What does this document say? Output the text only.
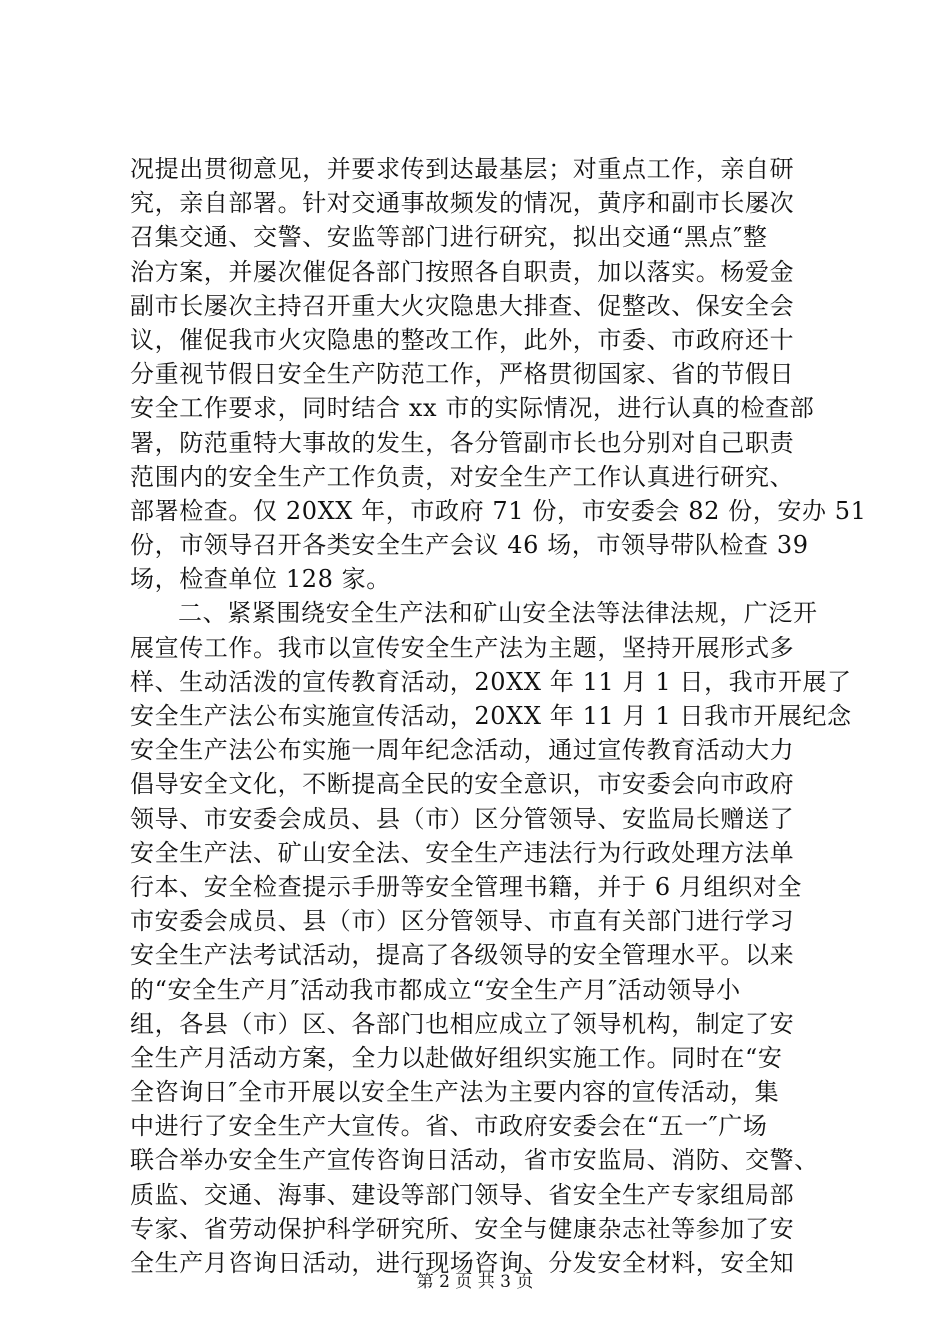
况提出贯彻意见，并要求传到达最基层；对重点工作，亲自研
究，亲自部署。针对交通事故频发的情况，黄序和副市长屡次
召集交通、交警、安监等部门进行研究，拟出交通“黑点″整
治方案，并屡次催促各部门按照各自职责，加以落实。杨爱金
副市长屡次主持召开重大火灾隐患大排查、促整改、保安全会
议，催促我市火灾隐患的整改工作，此外，市委、市政府还十
分重视节假日安全生产防范工作，严格贯彻国家、省的节假日
安全工作要求，同时结合 xx 市的实际情况，进行认真的检查部
署，防范重特大事故的发生，各分管副市长也分别对自己职责
范围内的安全生产工作负责，对安全生产工作认真进行研究、
部署检查。仅 20XX 年，市政府 71 份，市安委会 82 份，安办 51
份，市领导召开各类安全生产会议 46 场，市领导带队检查 39
场，检查单位 128 家。
二、紧紧围绕安全生产法和矿山安全法等法律法规，广泛开
展宣传工作。我市以宣传安全生产法为主题，坚持开展形式多
样、生动活泼的宣传教育活动，20XX 年 11 月 1 日，我市开展了
安全生产法公布实施宣传活动，20XX 年 11 月 1 日我市开展纪念
安全生产法公布实施一周年纪念活动，通过宣传教育活动大力
倡导安全文化，不断提高全民的安全意识，市安委会向市政府
领导、市安委会成员、县（市）区分管领导、安监局长赠送了
安全生产法、矿山安全法、安全生产违法行为行政处理方法单
行本、安全检查提示手册等安全管理书籍，并于 6 月组织对全
市安委会成员、县（市）区分管领导、市直有关部门进行学习
安全生产法考试活动，提高了各级领导的安全管理水平。以来
的“安全生产月″活动我市都成立“安全生产月″活动领导小
组，各县（市）区、各部门也相应成立了领导机构，制定了安
全生产月活动方案，全力以赴做好组织实施工作。同时在“安
全咨询日″全市开展以安全生产法为主要内容的宣传活动，集
中进行了安全生产大宣传。省、市政府安委会在“五一″广场
联合举办安全生产宣传咨询日活动，省市安监局、消防、交警、
质监、交通、海事、建设等部门领导、省安全生产专家组局部
专家、省劳动保护科学研究所、安全与健康杂志社等参加了安
全生产月咨询日活动，进行现场咨询、分发安全材料，安全知
第 2 页 共 3 页
